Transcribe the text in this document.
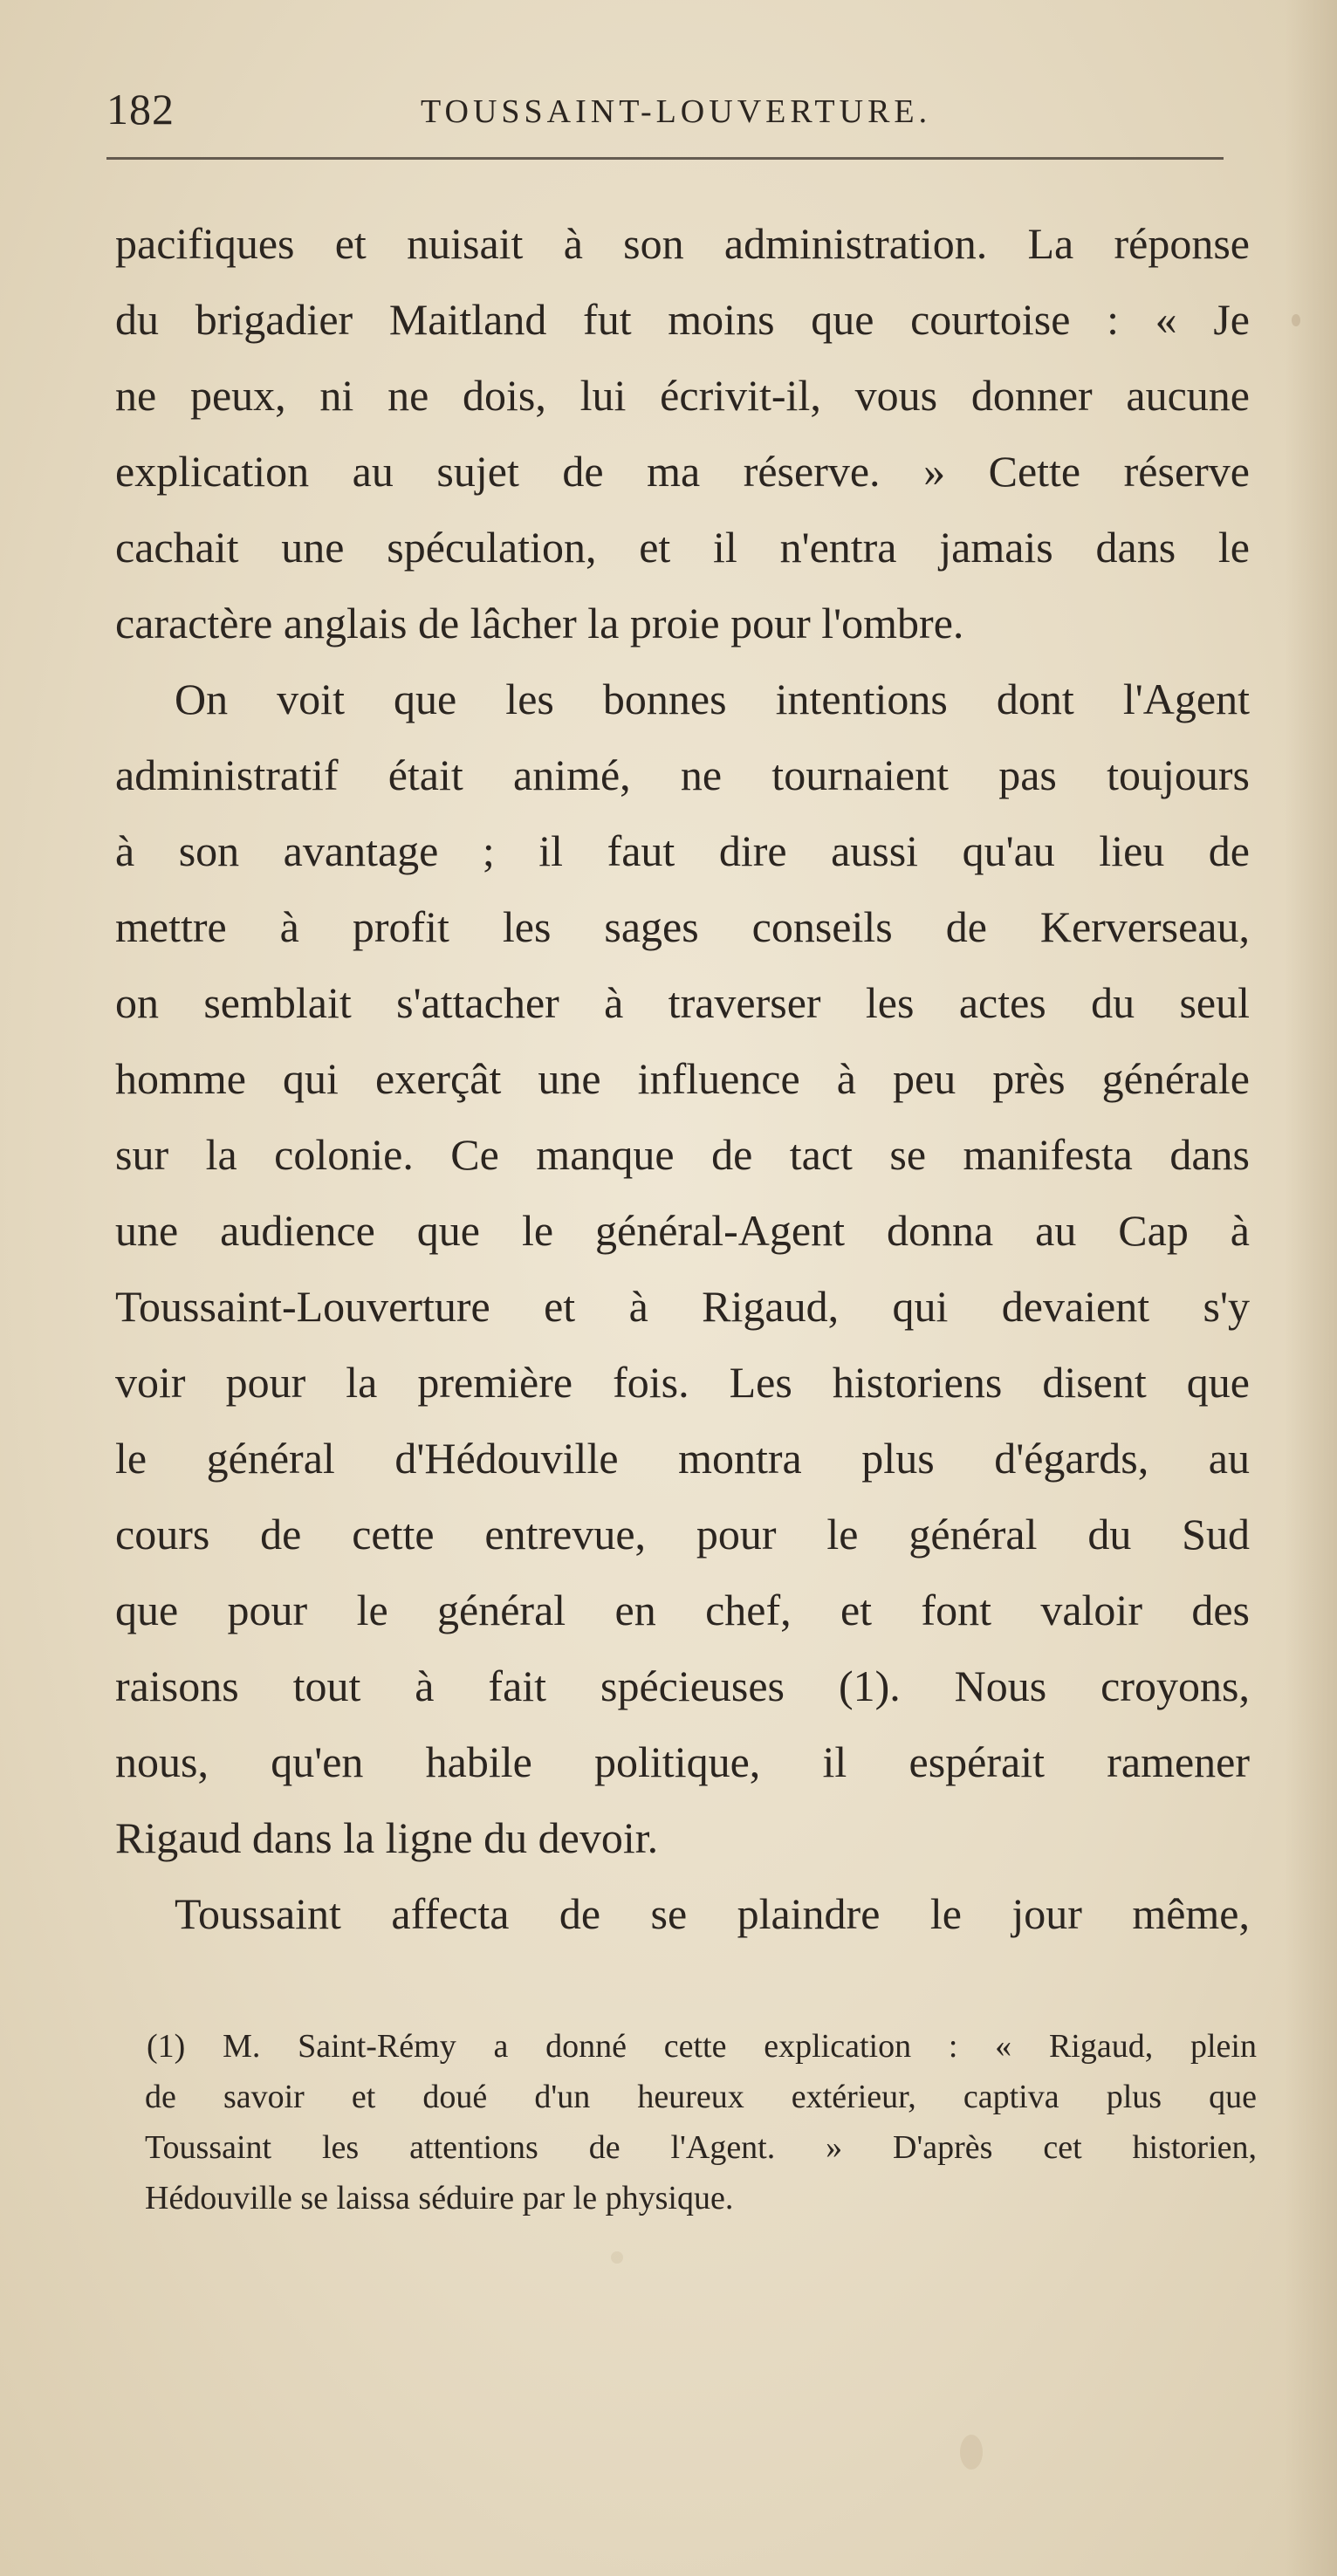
182	TOUSSAINT-LOUVERTURE.
pacifiques et nuisait à son administration. La réponse
du brigadier Maitland fut moins que courtoise : « Je
ne peux, ni ne dois, lui écrivit-il, vous donner aucune
explication au sujet de ma réserve. » Cette réserve
cachait une spéculation, et il n'entra jamais dans le
caractère anglais de lâcher la proie pour l'ombre.
On voit que les bonnes intentions dont l'Agent
administratif était animé, ne tournaient pas toujours
à son avantage ; il faut dire aussi qu'au lieu de
mettre à profit les sages conseils de Kerverseau,
on semblait s'attacher à traverser les actes du seul
homme qui exerçât une influence à peu près générale
sur la colonie. Ce manque de tact se manifesta dans
une audience que le général-Agent donna au Cap à
Toussaint-Louverture et à Rigaud, qui devaient s'y
voir pour la première fois. Les historiens disent que
le général d'Hédouville montra plus d'égards, au
cours de cette entrevue, pour le général du Sud
que pour le général en chef, et font valoir des
raisons tout à fait spécieuses (1). Nous croyons,
nous, qu'en habile politique, il espérait ramener
Rigaud dans la ligne du devoir.
Toussaint affecta de se plaindre le jour même,
(1) M. Saint-Rémy a donné cette explication : « Rigaud, plein
de savoir et doué d'un heureux extérieur, captiva plus que
Toussaint les attentions de l'Agent. » D'après cet historien,
Hédouville se laissa séduire par le physique.
